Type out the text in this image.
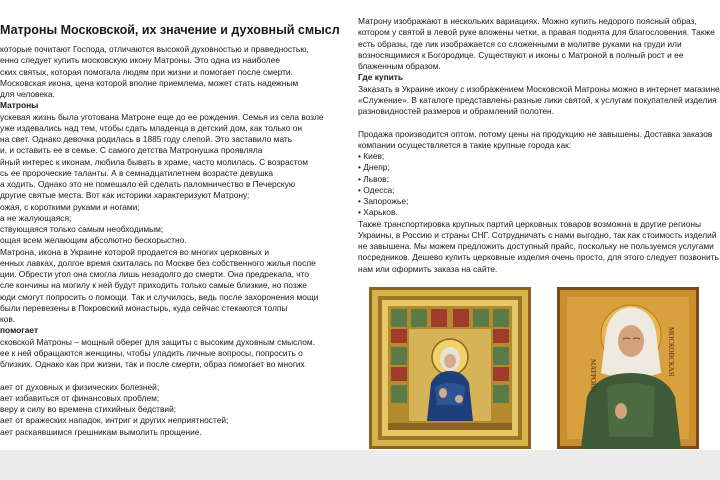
Матроны Московской, их значение и духовный смысл
которые почитают Господа, отличаются высокой духовностью и праведностью,
енно следует купить московскую икону Матроны. Это одна из наиболее
ских святых, которая помогала людям при жизни и помогает после смерти.
Московская икона, цена которой вполне приемлема, может стать надежным
для человека.
Матроны
ускевая жизнь была уготована Матроне еще до ее рождения. Семья из села возле
уже издевались над тем, чтобы сдать младенца в детский дом, как только он
на свет. Однако девочка родилась в 1885 году слепой. Это заставило мать
и, и оставить ее в семье. С самого детства Матронушка проявляла
йный интерес к иконам, любила бывать в храме, часто молилась. С возрастом
сь ее пророческие таланты. А в семнадцатилетнем возрасте девушка
а ходить. Однако это не помешало ей сделать паломничество в Печерскую
другие святые места. Вот как историки характеризуют Матрону:
ожая, с короткими руками и ногами;
а не жалующаяся;
ствующаяся только самым необходимым;
ощая всем желающим абсолютно бескорыстно.
Матрона, икона в Украине которой продается во многих церковных и
енных лавках, долгое время скиталась по Москве без собственного жилья после
ции. Обрести угол она смогла лишь незадолго до смерти. Она предрекала, что
сле кончины на могилу к ней будут приходить только самые близкие, но позже
юди смогут попросить о помощи. Так и случилось, ведь после захоронения мощи
были перевезены в Покровский монастырь, куда сейчас стекаются толпы
ков.
помогает
сковской Матроны – мощный оберег для защиты с высоким духовным смыслом.
ее к ней обращаются женщины, чтобы уладить личные вопросы, попросить о
близких. Однако как при жизни, так и после смерти, образ помогает во многих
ает от духовных и физических болезней;
ает избавиться от финансовых проблем;
веру и силу во времена стихийных бедствий;
ает от вражеских нападок, интриг и других неприятностей;
ает раскаявшимся грешникам вымолить прощение.
Матрону изображают в нескольких вариациях. Можно купить недорого поясный образ,
котором у святой в левой руке вложены четки, а правая поднята для благословения. Также
есть образы, где лик изображается со сложенными в молитве руками на груди или
возносящимися к Богородице. Существуют и иконы с Матроной в полный рост и ее
блаженным образом.
Где купить
Заказать в Украине икону с изображением Московской Матроны можно в интернет магазине
«Служение». В каталоге представлены разные лики святой, к услугам покупателей изделия
разновидностей размеров и обрамлений полотен.
Продажа производится оптом, потому цены на продукцию не завышены. Доставка заказов
компании осуществляется в такие крупные города как:
• Киев;
• Днепр;
• Львов;
• Одесса;
• Запорожье;
• Харьков.
Также транспортировка крупных партий церковных товаров возможна в другие регионы
Украины, в Россию и страны СНГ. Сотрудничать с нами выгодно, так как стоимость изделий
не завышена. Мы можем предложить доступный прайс, поскольку не пользуемся услугами
посредников. Дешево купить церковные изделия очень просто, для этого следует позвонить
нам или оформить заказа на сайте.
МАТРОНА	МОСКОВСКАЯ
